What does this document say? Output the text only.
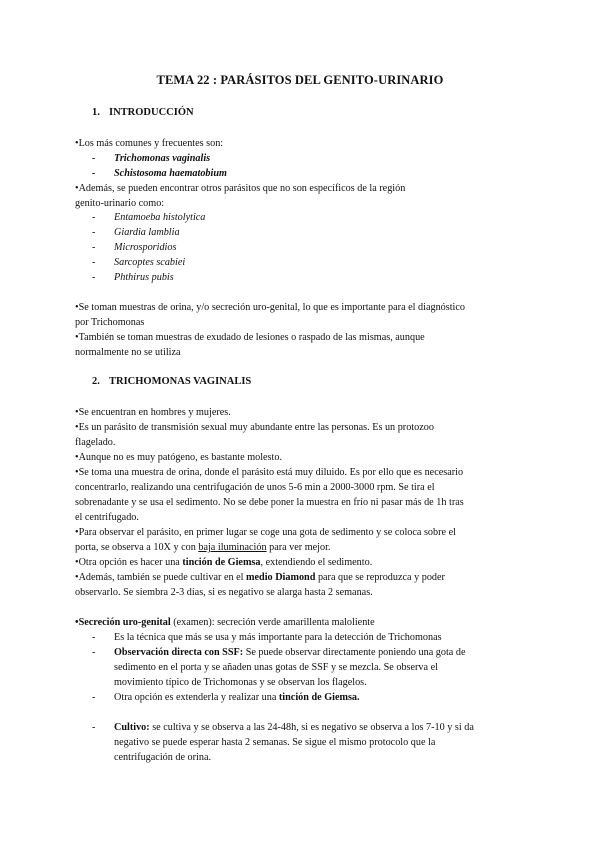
TEMA 22 : PARÁSITOS DEL GENITO-URINARIO
1. INTRODUCCIÓN
•Los más comunes y frecuentes son:
- Trichomonas vaginalis
- Schistosoma haematobium
•Además, se pueden encontrar otros parásitos que no son específicos de la región
genito-urinario como:
- Entamoeba histolytica
- Giardia lamblia
- Microsporidios
- Sarcoptes scabiei
- Phthirus pubis
•Se toman muestras de orina, y/o secreción uro-genital, lo que es importante para el diagnóstico
por Trichomonas
•También se toman muestras de exudado de lesiones o raspado de las mismas, aunque
normalmente no se utiliza
2. TRICHOMONAS VAGINALIS
•Se encuentran en hombres y mujeres.
•Es un parásito de transmisión sexual muy abundante entre las personas. Es un protozoo
flagelado.
•Aunque no es muy patógeno, es bastante molesto.
•Se toma una muestra de orina, donde el parásito está muy diluido. Es por ello que es necesario
concentrarlo, realizando una centrifugación de unos 5-6 min a 2000-3000 rpm. Se tira el
sobrenadante y se usa el sedimento. No se debe poner la muestra en frío ni pasar más de 1h tras
el centrifugado.
•Para observar el parásito, en primer lugar se coge una gota de sedimento y se coloca sobre el
porta, se observa a 10X y con baja iluminación para ver mejor.
•Otra opción es hacer una tinción de Giemsa, extendiendo el sedimento.
•Además, también se puede cultivar en el medio Diamond para que se reproduzca y poder
observarlo. Se siembra 2-3 días, si es negativo se alarga hasta 2 semanas.
•Secreción uro-genital (examen): secreción verde amarillenta maloliente
- Es la técnica que más se usa y más importante para la detección de Trichomonas
- Observación directa con SSF: Se puede observar directamente poniendo una gota de
sedimento en el porta y se añaden unas gotas de SSF y se mezcla. Se observa el
movimiento típico de Trichomonas y se observan los flagelos.
- Otra opción es extenderla y realizar una tinción de Giemsa.
- Cultivo: se cultiva y se observa a las 24-48h, si es negativo se observa a los 7-10 y si da
negativo se puede esperar hasta 2 semanas. Se sigue el mismo protocolo que la
centrifugación de orina.
